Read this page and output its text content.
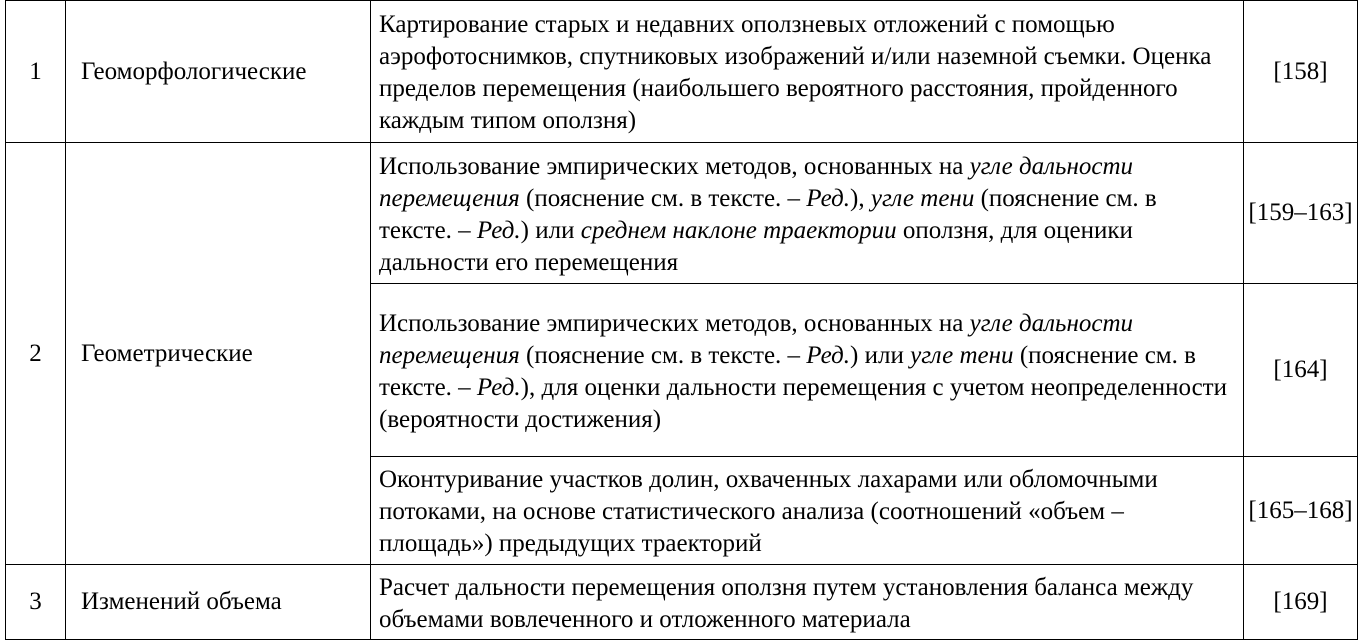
1	Геоморфологические	Картирование старых и недавних оползневых отложений с помощью аэрофотоснимков, спутниковых изображений и/или наземной съемки. Оценка пределов перемещения (наибольшего вероятного расстояния, пройденного каждым типом оползня)	[158]
2	Геометрические	Использование эмпирических методов, основанных на угле дальности перемещения (пояснение см. в тексте. – Ред.), угле тени (пояснение см. в тексте. – Ред.) или среднем наклоне траектории оползня, для оценики дальности его перемещения	[159–163]

		Использование эмпирических методов, основанных на угле дальности перемещения (пояснение см. в тексте. – Ред.) или угле тени (пояснение см. в тексте. – Ред.), для оценки дальности перемещения с учетом неопределенности (вероятности достижения)	[164]

		Оконтуривание участков долин, охваченных лахарами или обломочными потоками, на основе статистического анализа (соотношений «объем – площадь») предыдущих траекторий	[165–168]
3	Изменений объема	Расчет дальности перемещения оползня путем установления баланса между объемами вовлеченного и отложенного материала	[169]
